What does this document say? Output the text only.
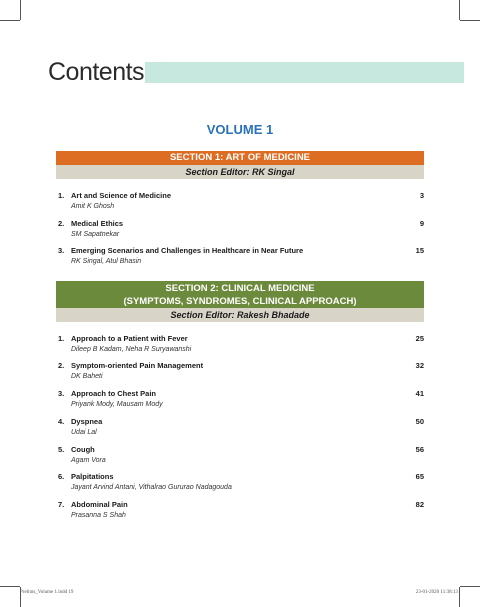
Contents
VOLUME 1
SECTION 1: ART OF MEDICINE
Section Editor: RK Singal
1. Art and Science of Medicine
Amit K Ghosh
3
2. Medical Ethics
SM Sapatnekar
9
3. Emerging Scenarios and Challenges in Healthcare in Near Future
RK Singal, Atul Bhasin
15
SECTION 2: CLINICAL MEDICINE
(SYMPTOMS, SYNDROMES, CLINICAL APPROACH)
Section Editor: Rakesh Bhadade
1. Approach to a Patient with Fever
Dileep B Kadam, Neha R Suryawanshi
25
2. Symptom-oriented Pain Management
DK Baheti
32
3. Approach to Chest Pain
Priyank Mody, Mausam Mody
41
4. Dyspnea
Udai Lal
50
5. Cough
Agam Vora
56
6. Palpitations
Jayant Arvind Antani, Vithalrao Gururao Nadagouda
65
7. Abdominal Pain
Prasanna S Shah
82
Prelims_Volume 1.indd 19	23-01-2020 11:38:13
